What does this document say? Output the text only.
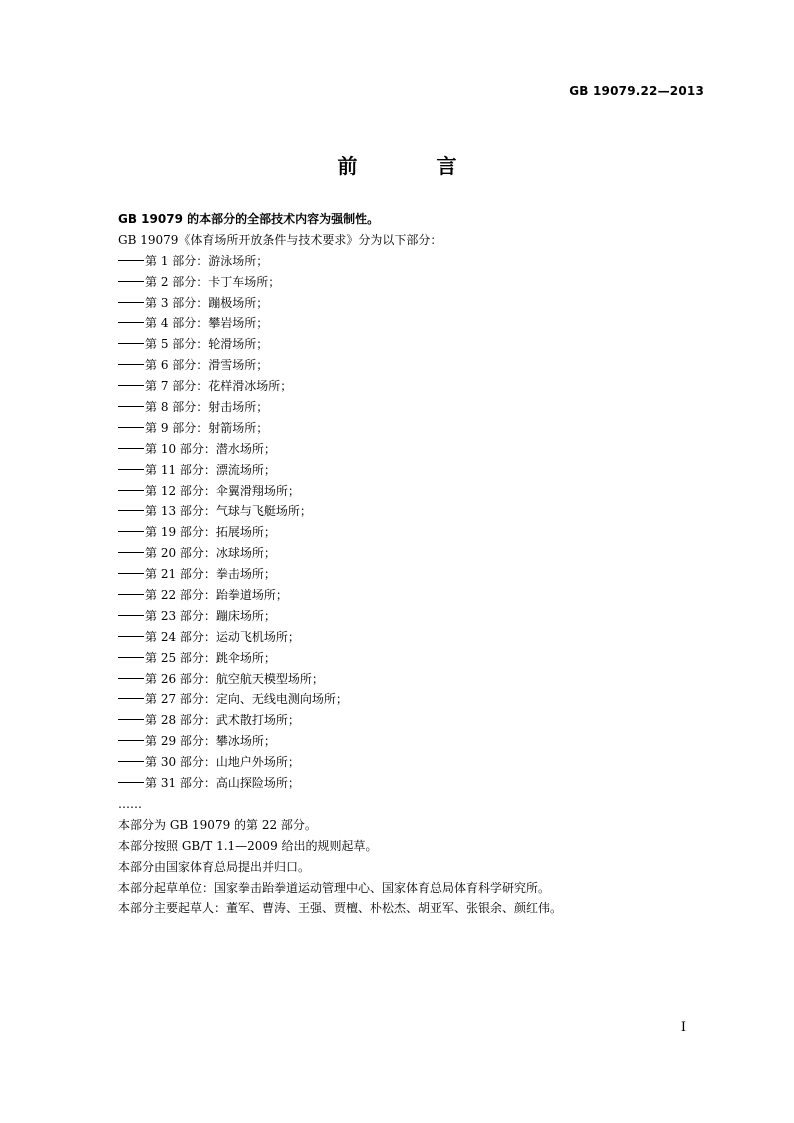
GB 19079.22—2013
前 言
GB 19079 的本部分的全部技术内容为强制性。
GB 19079《体育场所开放条件与技术要求》分为以下部分：
第 1 部分：游泳场所；
第 2 部分：卡丁车场所；
第 3 部分：蹦极场所；
第 4 部分：攀岩场所；
第 5 部分：轮滑场所；
第 6 部分：滑雪场所；
第 7 部分：花样滑冰场所；
第 8 部分：射击场所；
第 9 部分：射箭场所；
第 10 部分：潜水场所；
第 11 部分：漂流场所；
第 12 部分：伞翼滑翔场所；
第 13 部分：气球与飞艇场所；
第 19 部分：拓展场所；
第 20 部分：冰球场所；
第 21 部分：拳击场所；
第 22 部分：跆拳道场所；
第 23 部分：蹦床场所；
第 24 部分：运动飞机场所；
第 25 部分：跳伞场所；
第 26 部分：航空航天模型场所；
第 27 部分：定向、无线电测向场所；
第 28 部分：武术散打场所；
第 29 部分：攀冰场所；
第 30 部分：山地户外场所；
第 31 部分：高山探险场所；
……
本部分为 GB 19079 的第 22 部分。
本部分按照 GB/T 1.1—2009 给出的规则起草。
本部分由国家体育总局提出并归口。
本部分起草单位：国家拳击跆拳道运动管理中心、国家体育总局体育科学研究所。
本部分主要起草人：董军、曹涛、王强、贾檀、朴松杰、胡亚军、张银余、颜红伟。
I
